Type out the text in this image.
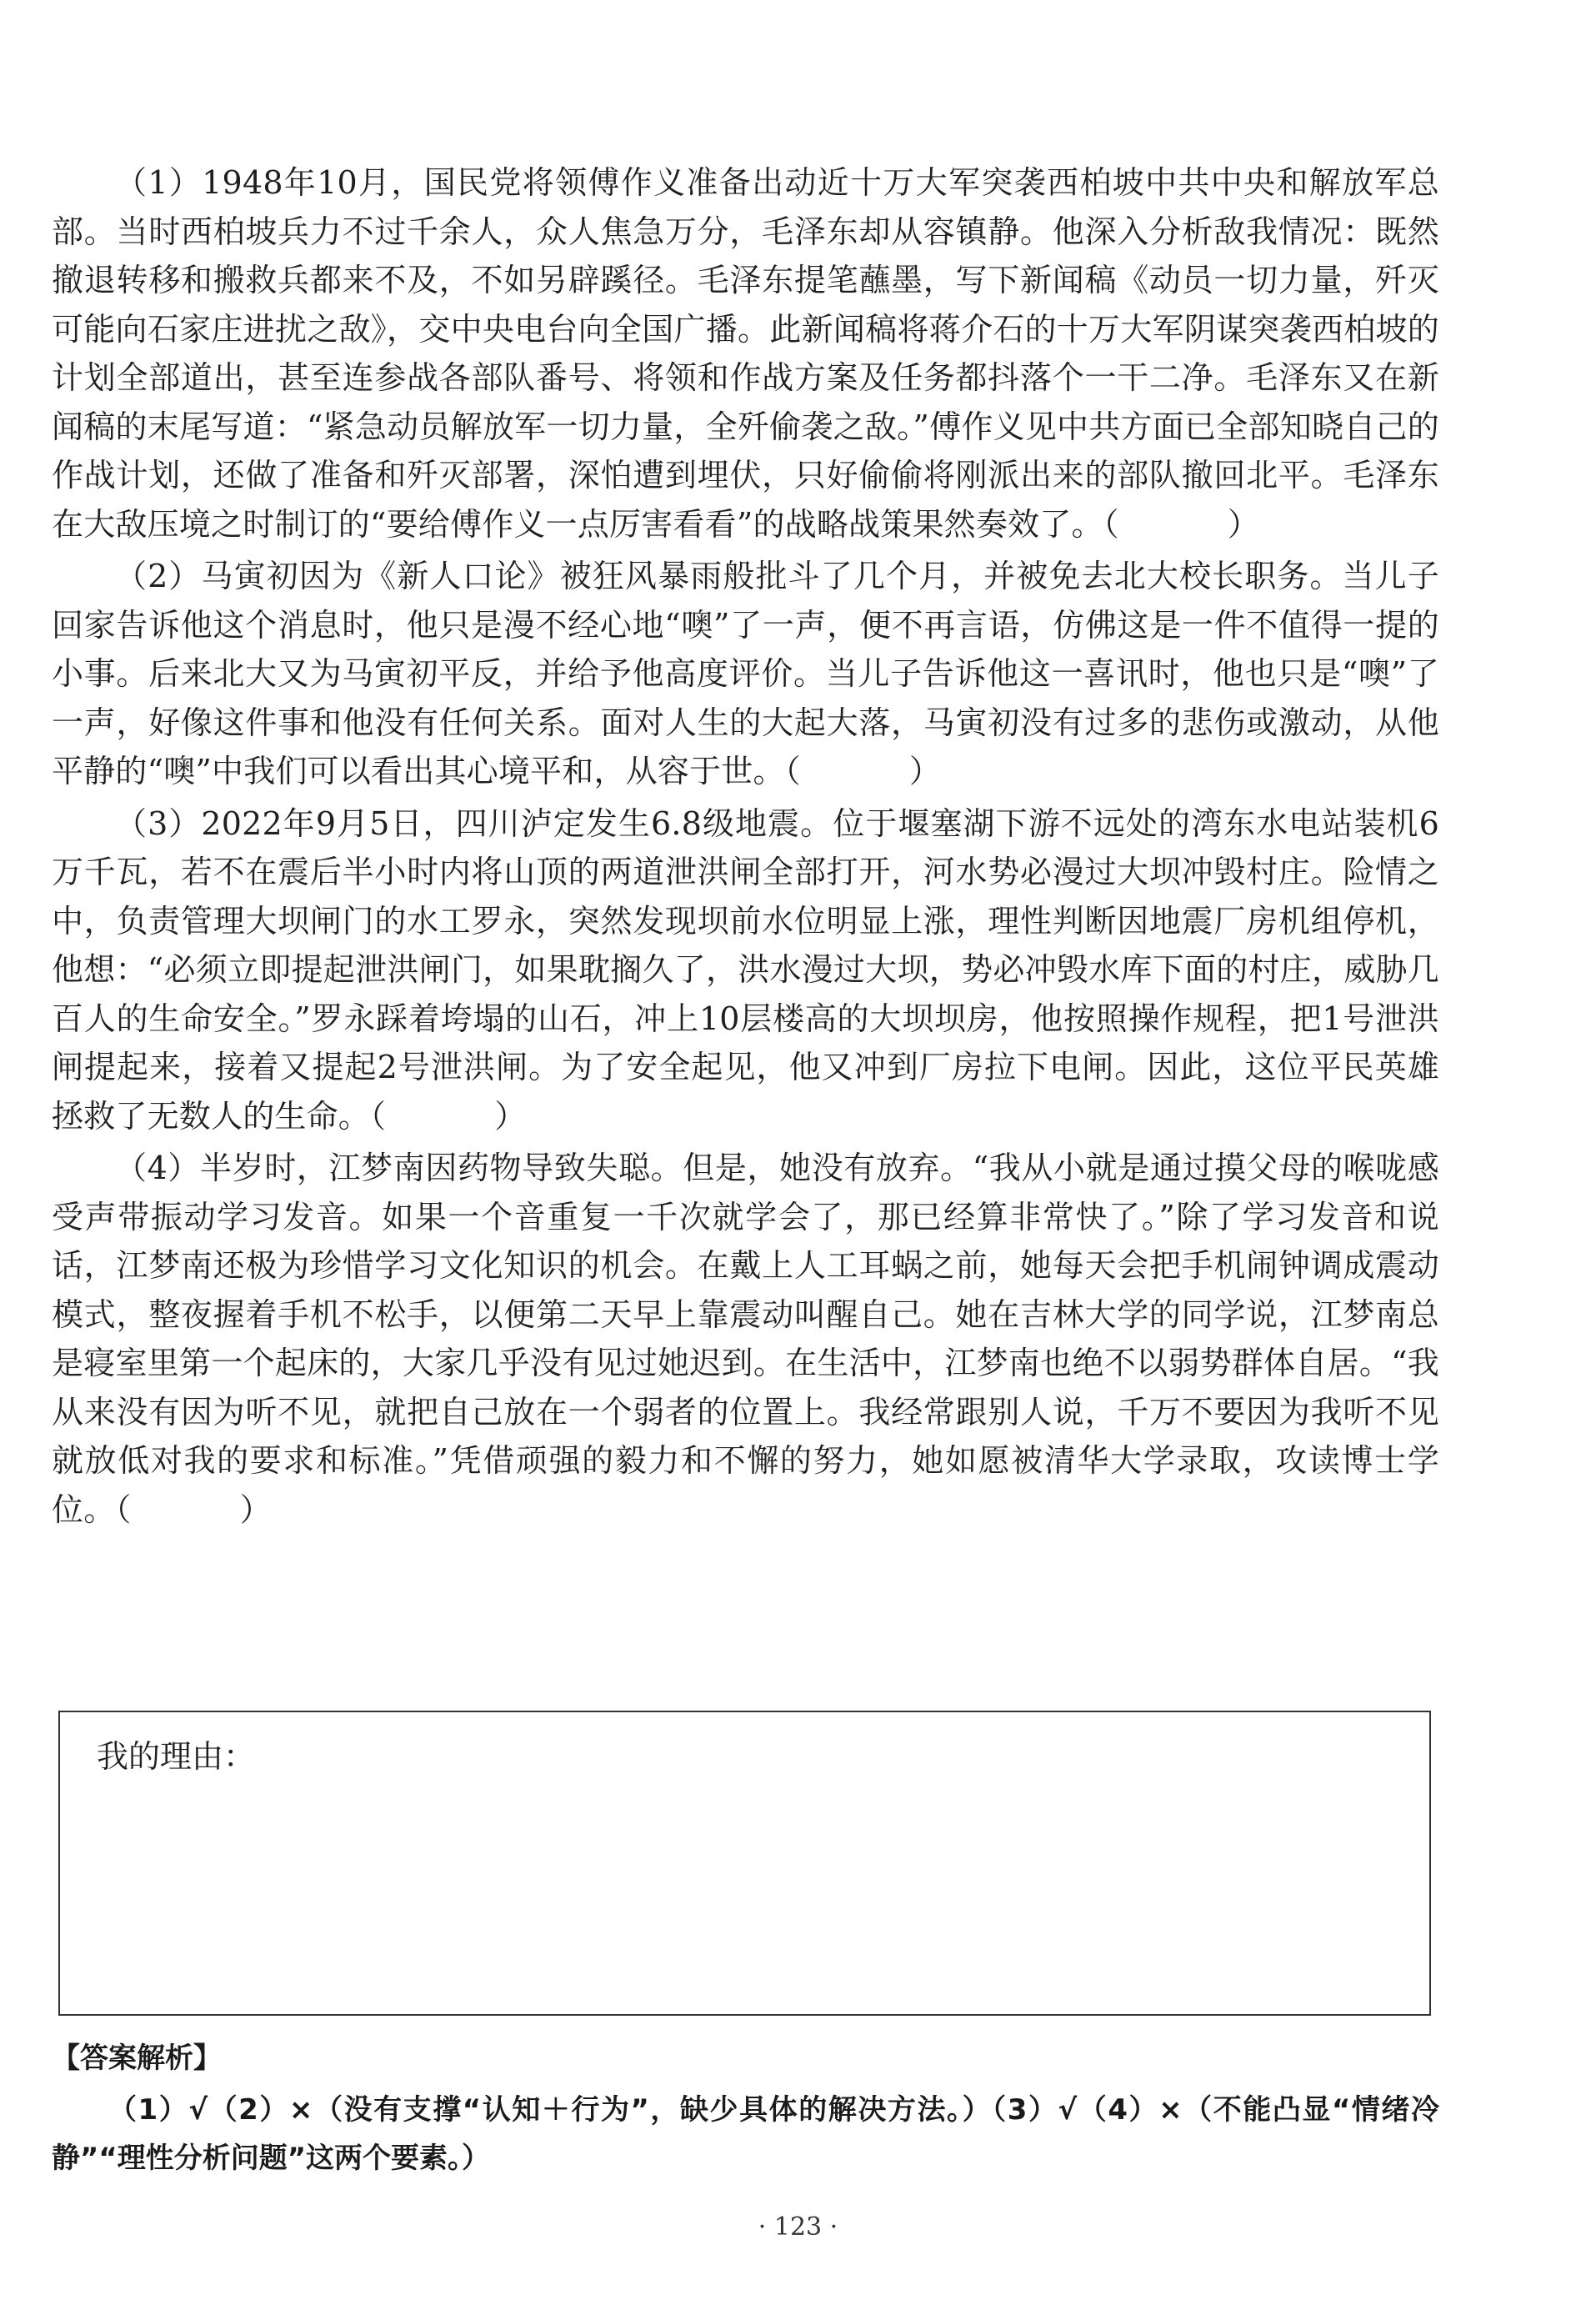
（1）1948年10月，国民党将领傅作义准备出动近十万大军突袭西柏坡中共中央和解放军总部。当时西柏坡兵力不过千余人，众人焦急万分，毛泽东却从容镇静。他深入分析敌我情况：既然撤退转移和搬救兵都来不及，不如另辟蹊径。毛泽东提笔蘸墨，写下新闻稿《动员一切力量，歼灭可能向石家庄进扰之敌》，交中央电台向全国广播。此新闻稿将蒋介石的十万大军阴谋突袭西柏坡的计划全部道出，甚至连参战各部队番号、将领和作战方案及任务都抖落个一干二净。毛泽东又在新闻稿的末尾写道：“紧急动员解放军一切力量，全歼偷袭之敌。”傅作义见中共方面已全部知晓自己的作战计划，还做了准备和歼灭部署，深怕遭到埋伏，只好偷偷将刚派出来的部队撤回北平。毛泽东在大敌压境之时制订的“要给傅作义一点厉害看看”的战略战策果然奏效了。（	）

（2）马寅初因为《新人口论》被狂风暴雨般批斗了几个月，并被免去北大校长职务。当儿子回家告诉他这个消息时，他只是漫不经心地“噢”了一声，便不再言语，仿佛这是一件不值得一提的小事。后来北大又为马寅初平反，并给予他高度评价。当儿子告诉他这一喜讯时，他也只是“噢”了一声，好像这件事和他没有任何关系。面对人生的大起大落，马寅初没有过多的悲伤或激动，从他平静的“噢”中我们可以看出其心境平和，从容于世。（	）

（3）2022年9月5日，四川泸定发生6.8级地震。位于堰塞湖下游不远处的湾东水电站装机6万千瓦，若不在震后半小时内将山顶的两道泄洪闸全部打开，河水势必漫过大坝冲毁村庄。险情之中，负责管理大坝闸门的水工罗永，突然发现坝前水位明显上涨，理性判断因地震厂房机组停机，他想：“必须立即提起泄洪闸门，如果耽搁久了，洪水漫过大坝，势必冲毁水库下面的村庄，威胁几百人的生命安全。”罗永踩着垮塌的山石，冲上10层楼高的大坝坝房，他按照操作规程，把1号泄洪闸提起来，接着又提起2号泄洪闸。为了安全起见，他又冲到厂房拉下电闸。因此，这位平民英雄拯救了无数人的生命。（	）

（4）半岁时，江梦南因药物导致失聪。但是，她没有放弃。“我从小就是通过摸父母的喉咙感受声带振动学习发音。如果一个音重复一千次就学会了，那已经算非常快了。”除了学习发音和说话，江梦南还极为珍惜学习文化知识的机会。在戴上人工耳蜗之前，她每天会把手机闹钟调成震动模式，整夜握着手机不松手，以便第二天早上靠震动叫醒自己。她在吉林大学的同学说，江梦南总是寝室里第一个起床的，大家几乎没有见过她迟到。在生活中，江梦南也绝不以弱势群体自居。“我从来没有因为听不见，就把自己放在一个弱者的位置上。我经常跟别人说，千万不要因为我听不见就放低对我的要求和标准。”凭借顽强的毅力和不懈的努力，她如愿被清华大学录取，攻读博士学位。（	）

我的理由：
【答案解析】
（1）√（2）×（没有支撑“认知＋行为”，缺少具体的解决方法。）（3）√（4）×（不能凸显“情绪冷静”“理性分析问题”这两个要素。）
· 123 ·
